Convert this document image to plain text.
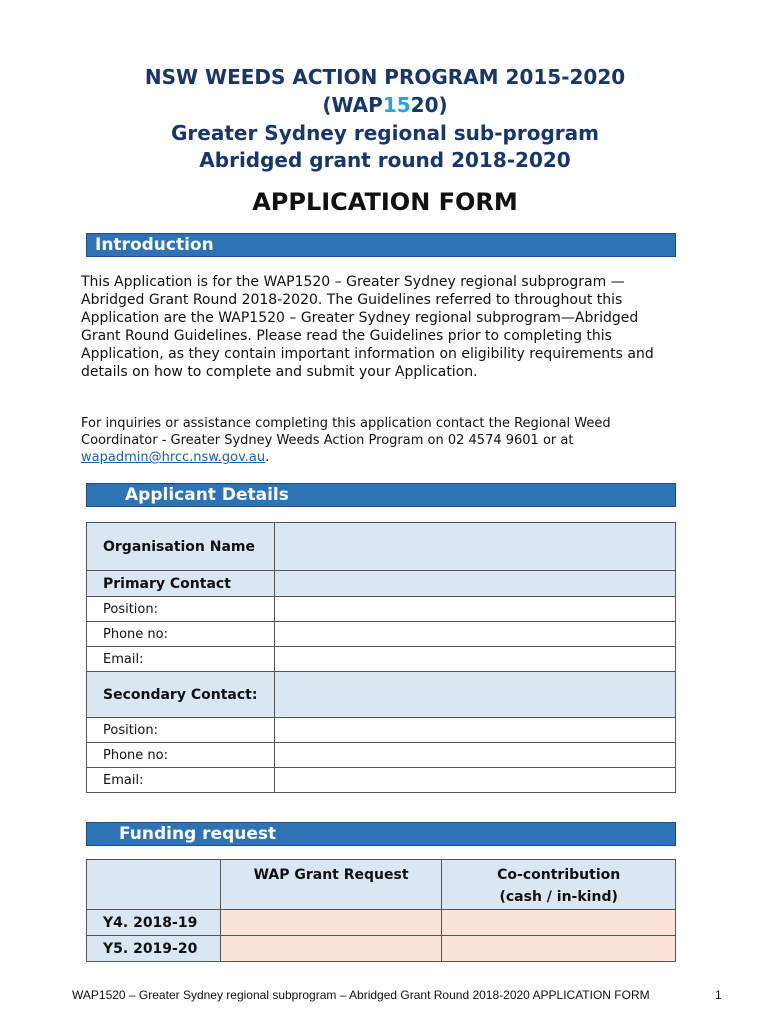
NSW WEEDS ACTION PROGRAM 2015-2020
(WAP1520)
Greater Sydney regional sub-program
Abridged grant round 2018-2020
APPLICATION FORM
Introduction
This Application is for the WAP1520 – Greater Sydney regional subprogram —Abridged Grant Round 2018-2020. The Guidelines referred to throughout this Application are the WAP1520 – Greater Sydney regional subprogram—Abridged Grant Round Guidelines. Please read the Guidelines prior to completing this Application, as they contain important information on eligibility requirements and details on how to complete and submit your Application.
For inquiries or assistance completing this application contact the Regional Weed Coordinator - Greater Sydney Weeds Action Program on 02 4574 9601 or at wapadmin@hrcc.nsw.gov.au.
Applicant Details
Organisation Name	
Primary Contact	
Position:	
Phone no:	
Email:	
Secondary Contact:	
Position:	
Phone no:	
Email:	
Funding request
	WAP Grant Request	Co-contribution
(cash / in-kind)

Y4. 2018-19		
Y5. 2019-20		
WAP1520 – Greater Sydney regional subprogram – Abridged Grant Round 2018-2020 APPLICATION FORM	1
